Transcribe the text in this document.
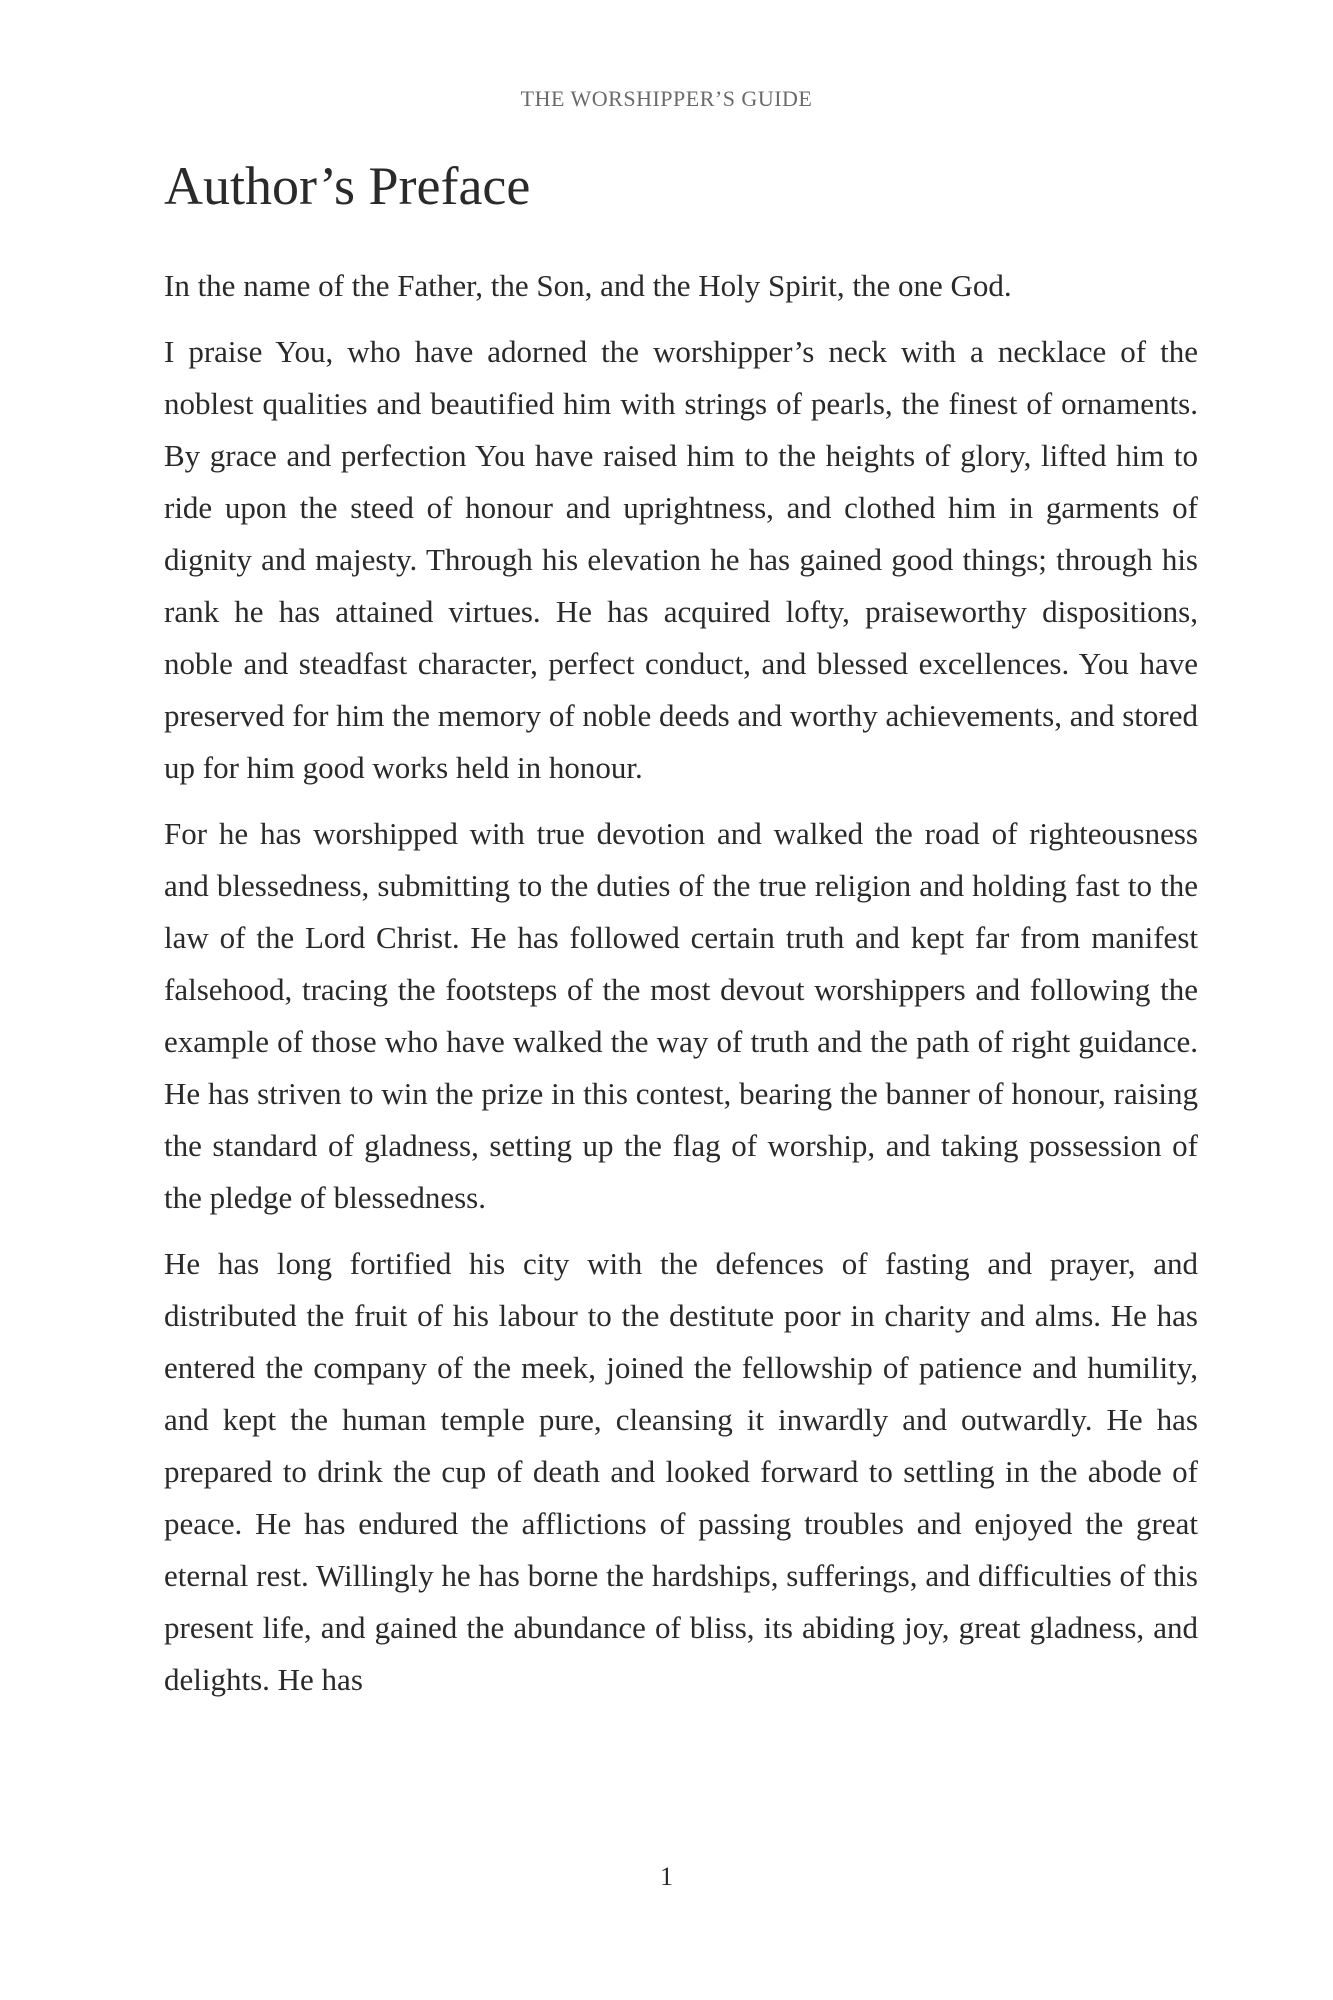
THE WORSHIPPER’S GUIDE
Author’s Preface

In the name of the Father, the Son, and the Holy Spirit, the one God.

I praise You, who have adorned the worshipper’s neck with a necklace of the noblest qualities and beautified him with strings of pearls, the finest of ornaments. By grace and perfection You have raised him to the heights of glory, lifted him to ride upon the steed of honour and uprightness, and clothed him in garments of dignity and majesty. Through his elevation he has gained good things; through his rank he has attained virtues. He has acquired lofty, praiseworthy dispositions, noble and steadfast character, perfect conduct, and blessed excellences. You have preserved for him the memory of noble deeds and worthy achievements, and stored up for him good works held in honour.

For he has worshipped with true devotion and walked the road of righteousness and blessedness, submitting to the duties of the true religion and holding fast to the law of the Lord Christ. He has followed certain truth and kept far from manifest falsehood, tracing the footsteps of the most devout worshippers and following the example of those who have walked the way of truth and the path of right guidance. He has striven to win the prize in this contest, bearing the banner of honour, raising the standard of gladness, setting up the flag of worship, and taking possession of the pledge of blessedness.

He has long fortified his city with the defences of fasting and prayer, and distributed the fruit of his labour to the destitute poor in charity and alms. He has entered the company of the meek, joined the fellowship of patience and humility, and kept the human temple pure, cleansing it inwardly and outwardly. He has prepared to drink the cup of death and looked forward to settling in the abode of peace. He has endured the afflictions of passing troubles and enjoyed the great eternal rest. Willingly he has borne the hardships, sufferings, and difficulties of this present life, and gained the abundance of bliss, its abiding joy, great gladness, and delights. He has

1
